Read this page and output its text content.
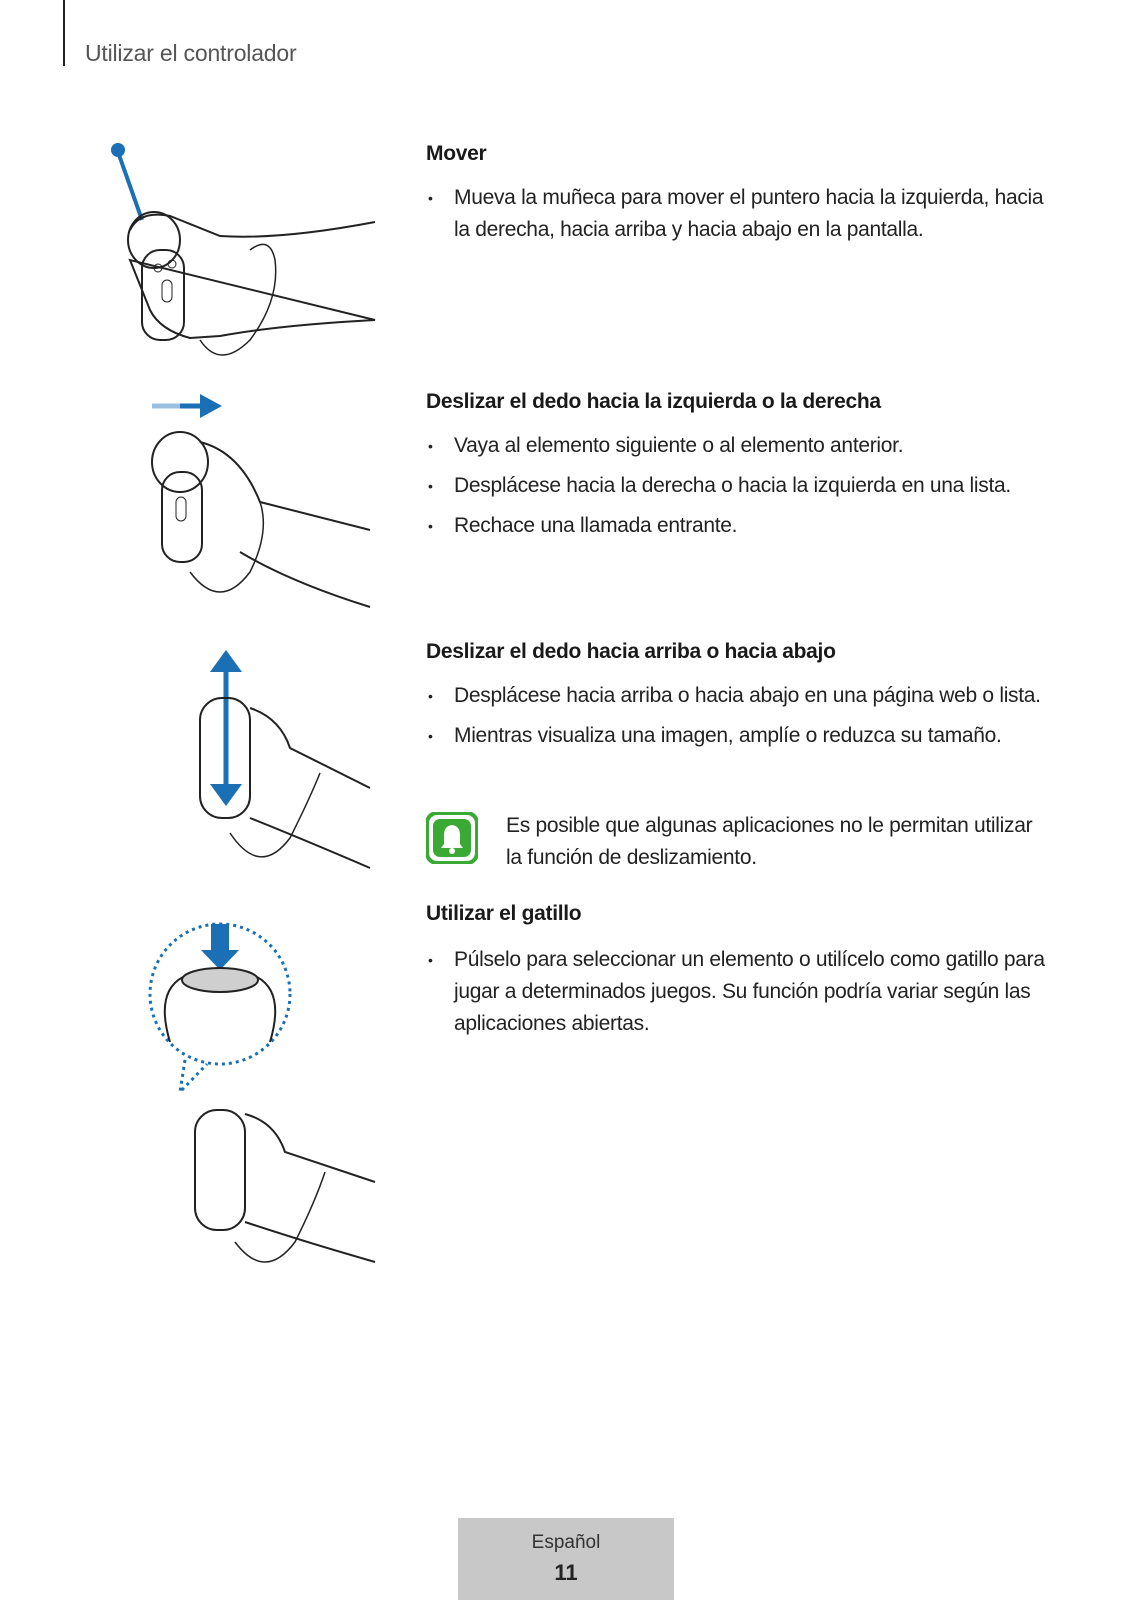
Utilizar el controlador
Mover
• Mueva la muñeca para mover el puntero hacia la izquierda, hacia la derecha, hacia arriba y hacia abajo en la pantalla.
Deslizar el dedo hacia la izquierda o la derecha
• Vaya al elemento siguiente o al elemento anterior.
• Desplácese hacia la derecha o hacia la izquierda en una lista.
• Rechace una llamada entrante.
Deslizar el dedo hacia arriba o hacia abajo
• Desplácese hacia arriba o hacia abajo en una página web o lista.
• Mientras visualiza una imagen, amplíe o reduzca su tamaño.
Es posible que algunas aplicaciones no le permitan utilizar la función de deslizamiento.
Utilizar el gatillo
• Púlselo para seleccionar un elemento o utilícelo como gatillo para jugar a determinados juegos. Su función podría variar según las aplicaciones abiertas.
Español
11
